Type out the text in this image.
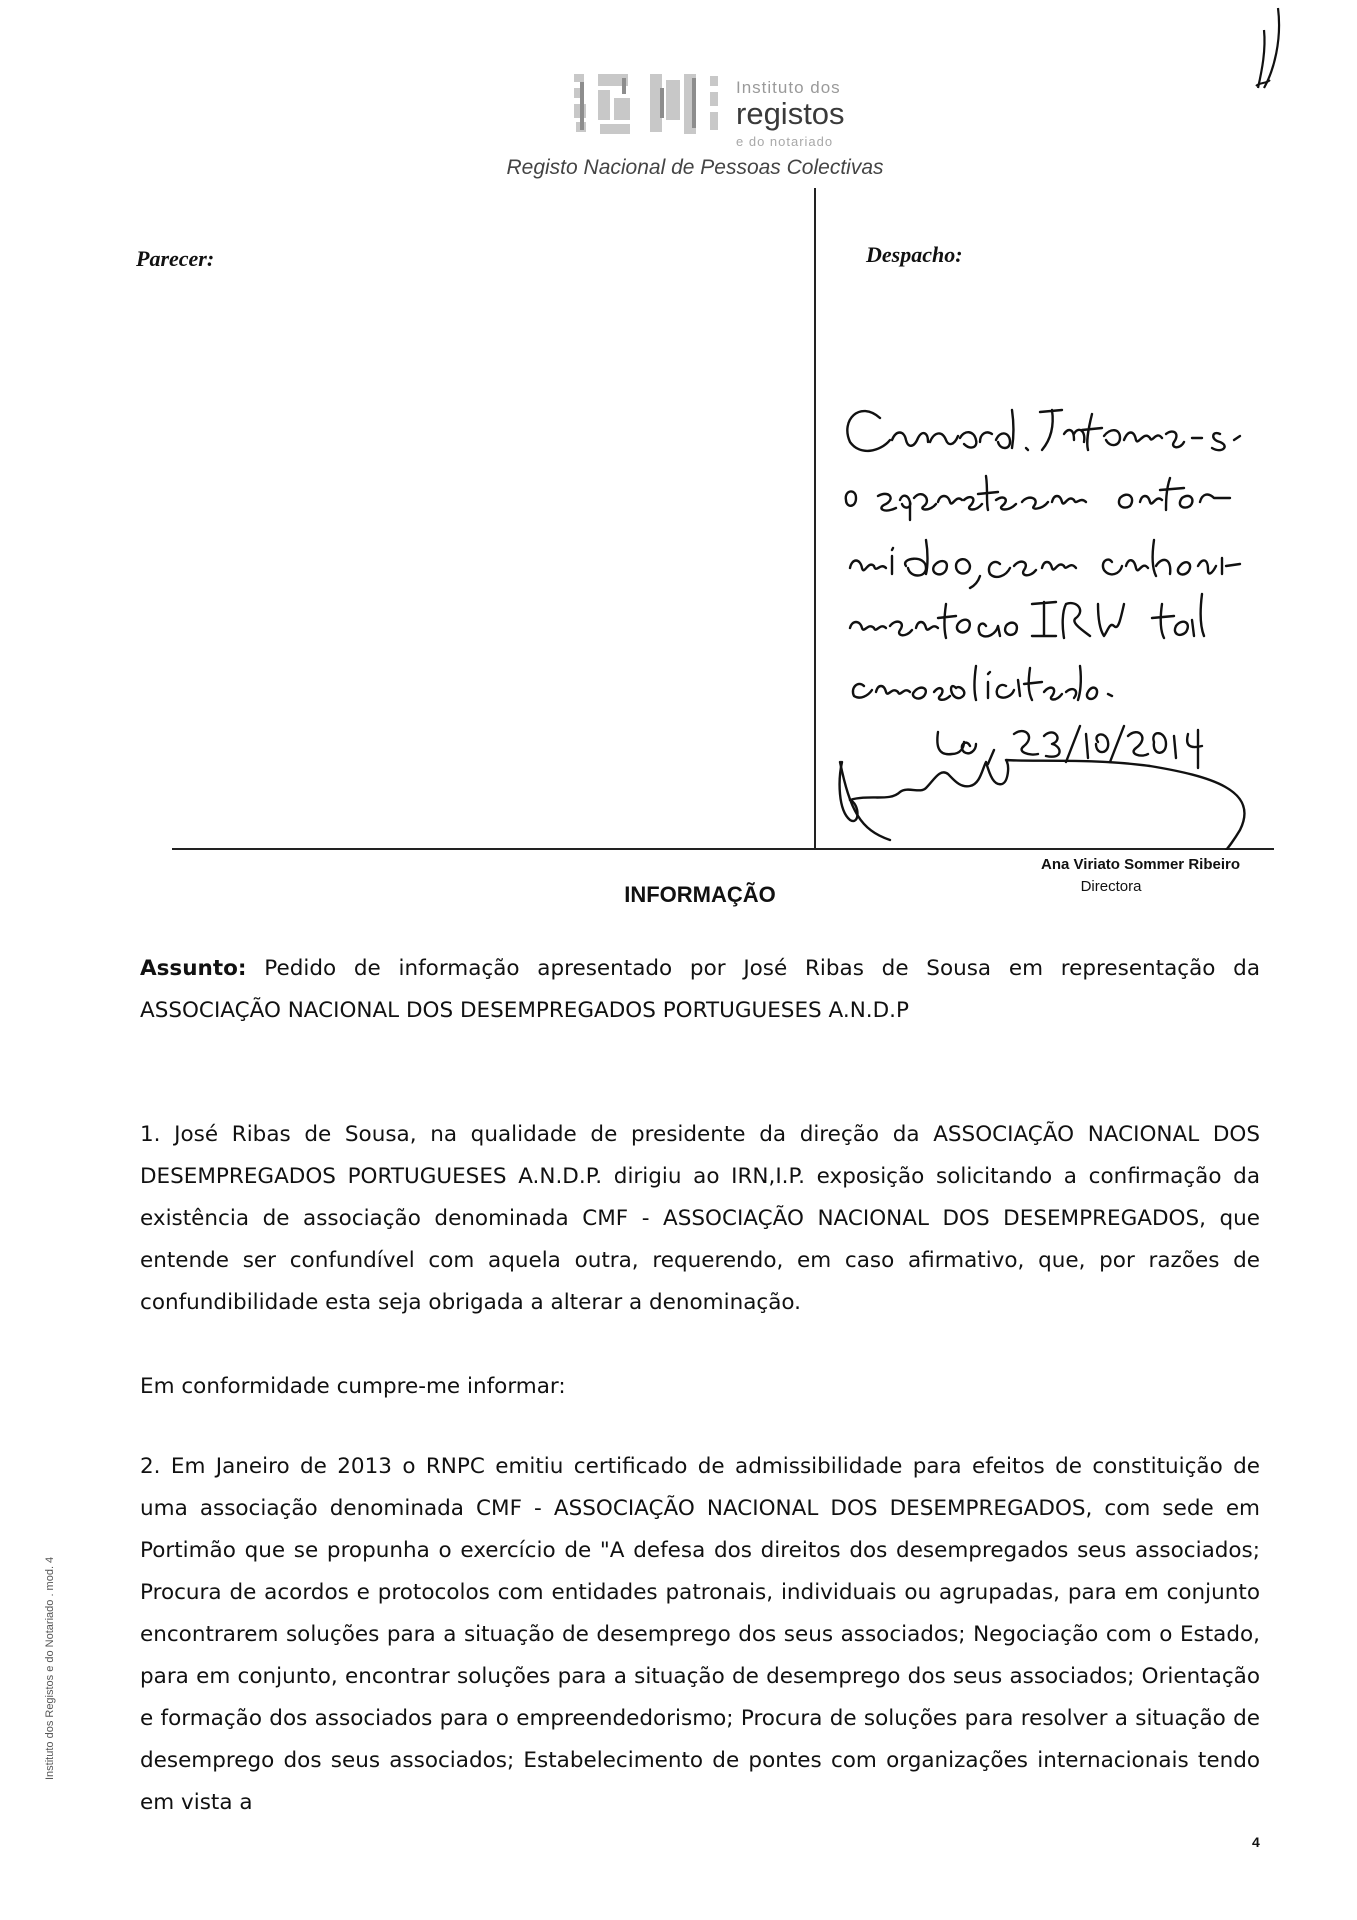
Instituto dos
registos
e do notariado
Registo Nacional de Pessoas Colectivas
Parecer:	Despacho:
Ana Viriato Sommer Ribeiro
Directora
INFORMAÇÃO
Assunto: Pedido de informação apresentado por José Ribas de Sousa em representação da ASSOCIAÇÃO NACIONAL DOS DESEMPREGADOS PORTUGUESES A.N.D.P
1. José Ribas de Sousa, na qualidade de presidente da direção da ASSOCIAÇÃO NACIONAL DOS DESEMPREGADOS PORTUGUESES A.N.D.P. dirigiu ao IRN,I.P. exposição solicitando a confirmação da existência de associação denominada CMF - ASSOCIAÇÃO NACIONAL DOS DESEMPREGADOS, que entende ser confundível com aquela outra, requerendo, em caso afirmativo, que, por razões de confundibilidade esta seja obrigada a alterar a denominação.
Em conformidade cumpre-me informar:
2. Em Janeiro de 2013 o RNPC emitiu certificado de admissibilidade para efeitos de constituição de uma associação denominada CMF - ASSOCIAÇÃO NACIONAL DOS DESEMPREGADOS, com sede em Portimão que se propunha o exercício de "A defesa dos direitos dos desempregados seus associados; Procura de acordos e protocolos com entidades patronais, individuais ou agrupadas, para em conjunto encontrarem soluções para a situação de desemprego dos seus associados; Negociação com o Estado, para em conjunto, encontrar soluções para a situação de desemprego dos seus associados; Orientação e formação dos associados para o empreendedorismo; Procura de soluções para resolver a situação de desemprego dos seus associados; Estabelecimento de pontes com organizações internacionais tendo em vista a
Instituto dos Registos e do Notariado . mod. 4
4
